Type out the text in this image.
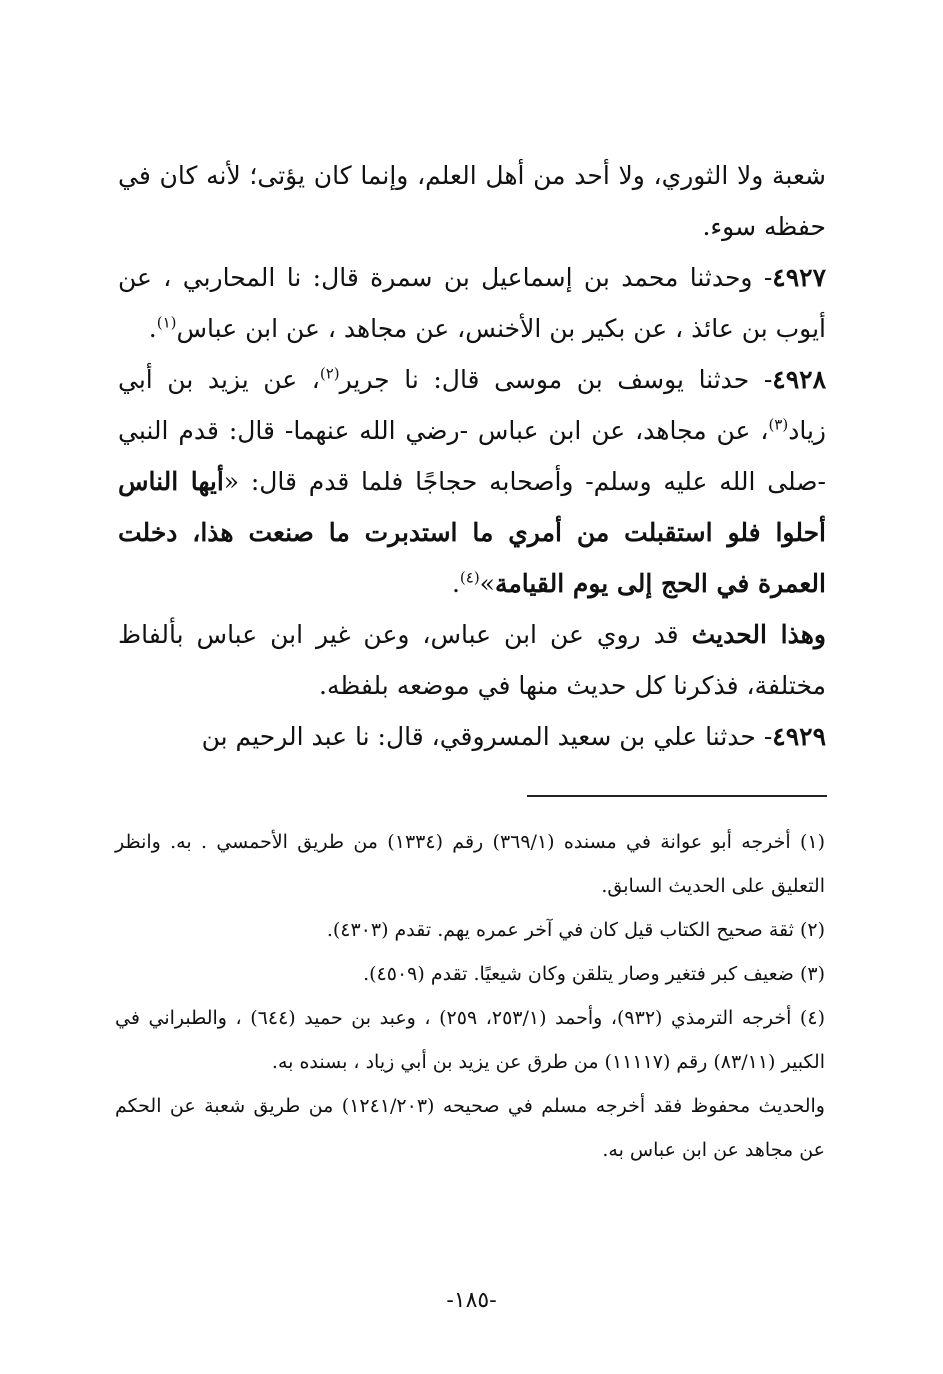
شعبة ولا الثوري، ولا أحد من أهل العلم، وإنما كان يؤتى؛ لأنه كان في حفظه سوء.

٤٩٢٧- وحدثنا محمد بن إسماعيل بن سمرة قال: نا المحاربي ، عن أيوب بن عائذ ، عن بكير بن الأخنس، عن مجاهد ، عن ابن عباس$^{(١)}$.

٤٩٢٨- حدثنا يوسف بن موسى قال: نا جرير$^{(٢)}$، عن يزيد بن أبي زياد$^{(٣)}$، عن مجاهد، عن ابن عباس -رضي الله عنهما- قال: قدم النبي -صلى الله عليه وسلم- وأصحابه حجاجًا فلما قدم قال: «أيها الناس أحلوا فلو استقبلت من أمري ما استدبرت ما صنعت هذا، دخلت العمرة في الحج إلى يوم القيامة»$^{(٤)}$.

وهذا الحديث قد روي عن ابن عباس، وعن غير ابن عباس بألفاظ مختلفة، فذكرنا كل حديث منها في موضعه بلفظه.

٤٩٢٩- حدثنا علي بن سعيد المسروقي، قال: نا عبد الرحيم بن

(١) أخرجه أبو عوانة في مسنده (٣٦٩/١) رقم (١٣٣٤) من طريق الأحمسي . به. وانظر التعليق على الحديث السابق.

(٢) ثقة صحيح الكتاب قيل كان في آخر عمره يهم. تقدم (٤٣٠٣).

(٣) ضعيف كبر فتغير وصار يتلقن وكان شيعيًا. تقدم (٤٥٠٩).

(٤) أخرجه الترمذي (٩٣٢)، وأحمد (٢٥٣/١، ٢٥٩) ، وعبد بن حميد (٦٤٤) ، والطبراني في الكبير (٨٣/١١) رقم (١١١١٧) من طرق عن يزيد بن أبي زياد ، بسنده به.

والحديث محفوظ فقد أخرجه مسلم في صحيحه (١٢٤١/٢٠٣) من طريق شعبة عن الحكم عن مجاهد عن ابن عباس به.

-١٨٥-
